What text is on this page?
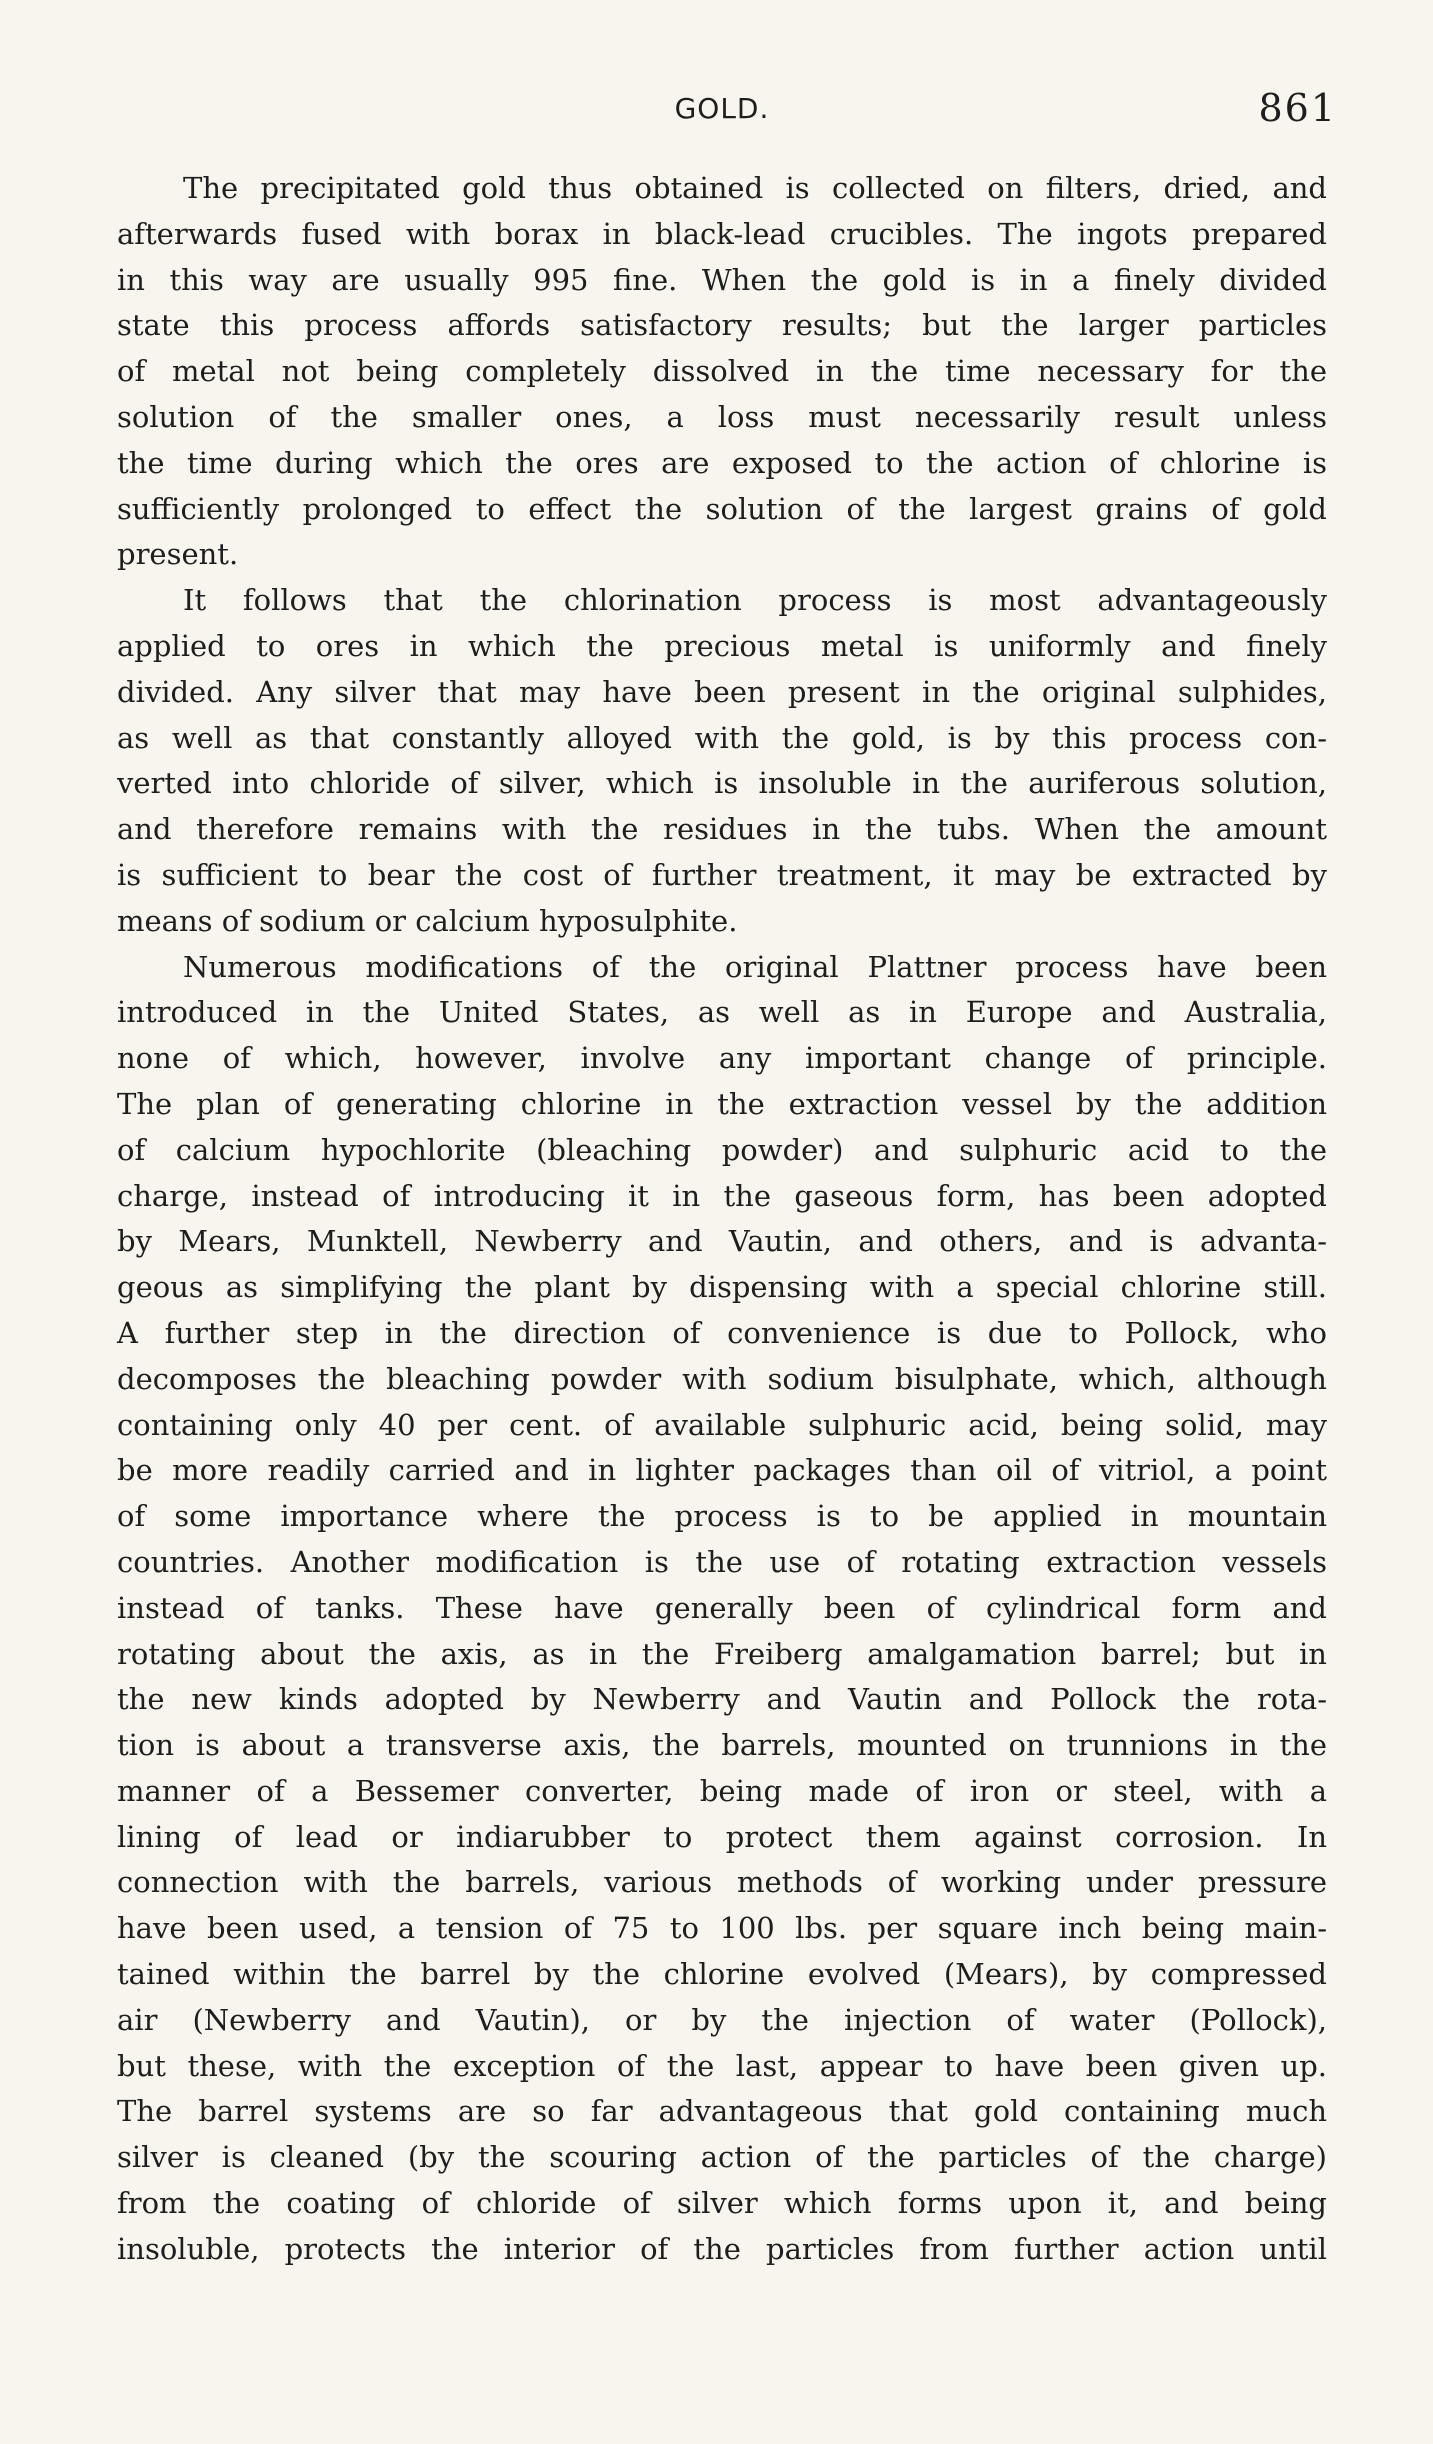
GOLD.	861
The precipitated gold thus obtained is collected on filters, dried, and
afterwards fused with borax in black-lead crucibles. The ingots prepared
in this way are usually 995 fine. When the gold is in a finely divided
state this process affords satisfactory results; but the larger particles
of metal not being completely dissolved in the time necessary for the
solution of the smaller ones, a loss must necessarily result unless
the time during which the ores are exposed to the action of chlorine is
sufficiently prolonged to effect the solution of the largest grains of gold
present.
It follows that the chlorination process is most advantageously
applied to ores in which the precious metal is uniformly and finely
divided. Any silver that may have been present in the original sulphides,
as well as that constantly alloyed with the gold, is by this process con-
verted into chloride of silver, which is insoluble in the auriferous solution,
and therefore remains with the residues in the tubs. When the amount
is sufficient to bear the cost of further treatment, it may be extracted by
means of sodium or calcium hyposulphite.
Numerous modifications of the original Plattner process have been
introduced in the United States, as well as in Europe and Australia,
none of which, however, involve any important change of principle.
The plan of generating chlorine in the extraction vessel by the addition
of calcium hypochlorite (bleaching powder) and sulphuric acid to the
charge, instead of introducing it in the gaseous form, has been adopted
by Mears, Munktell, Newberry and Vautin, and others, and is advanta-
geous as simplifying the plant by dispensing with a special chlorine still.
A further step in the direction of convenience is due to Pollock, who
decomposes the bleaching powder with sodium bisulphate, which, although
containing only 40 per cent. of available sulphuric acid, being solid, may
be more readily carried and in lighter packages than oil of vitriol, a point
of some importance where the process is to be applied in mountain
countries. Another modification is the use of rotating extraction vessels
instead of tanks. These have generally been of cylindrical form and
rotating about the axis, as in the Freiberg amalgamation barrel; but in
the new kinds adopted by Newberry and Vautin and Pollock the rota-
tion is about a transverse axis, the barrels, mounted on trunnions in the
manner of a Bessemer converter, being made of iron or steel, with a
lining of lead or indiarubber to protect them against corrosion. In
connection with the barrels, various methods of working under pressure
have been used, a tension of 75 to 100 lbs. per square inch being main-
tained within the barrel by the chlorine evolved (Mears), by compressed
air (Newberry and Vautin), or by the injection of water (Pollock),
but these, with the exception of the last, appear to have been given up.
The barrel systems are so far advantageous that gold containing much
silver is cleaned (by the scouring action of the particles of the charge)
from the coating of chloride of silver which forms upon it, and being
insoluble, protects the interior of the particles from further action until
